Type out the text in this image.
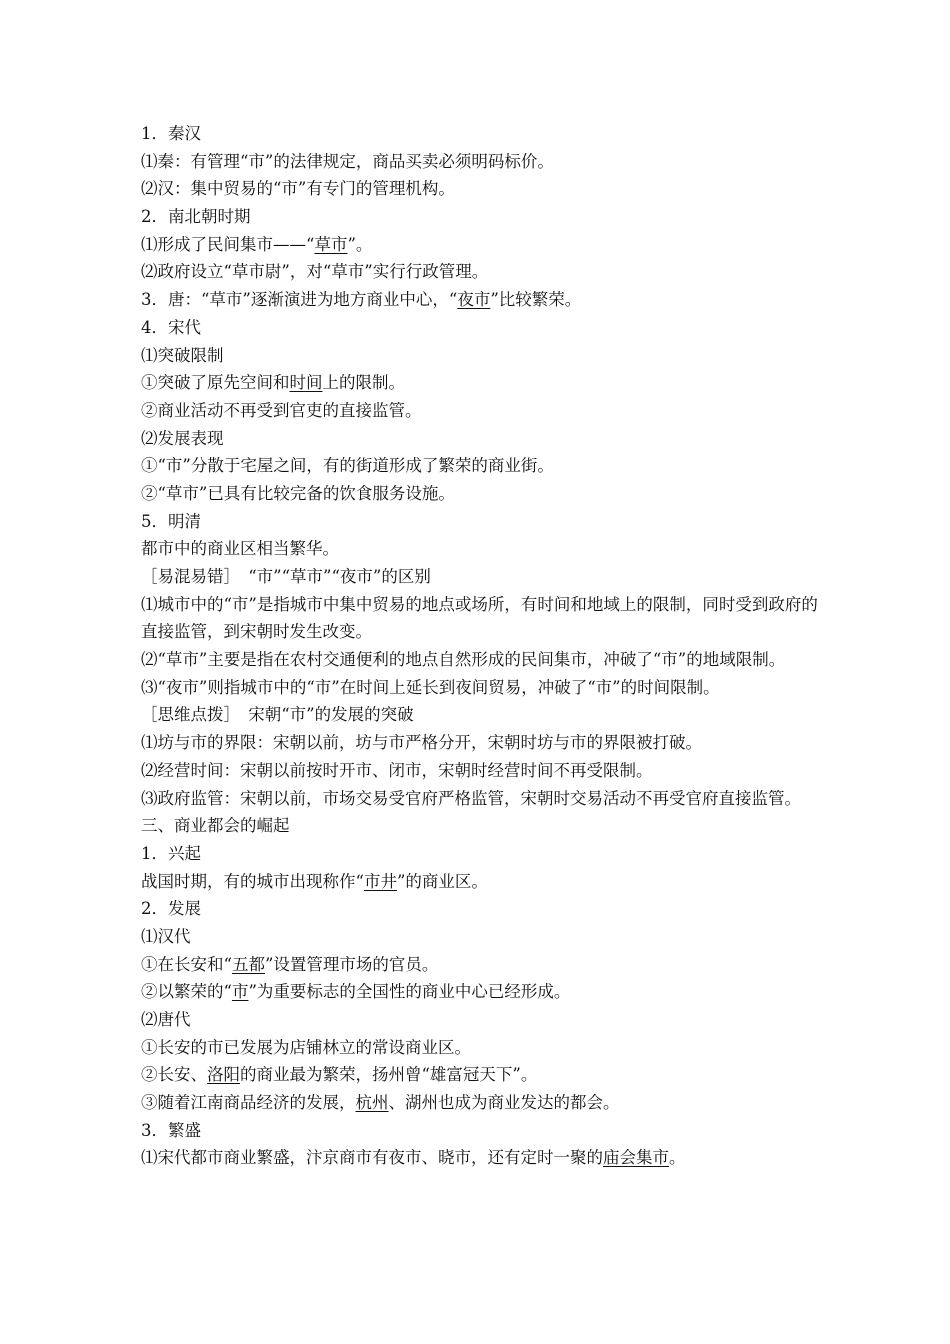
1．秦汉
⑴秦：有管理“市”的法律规定，商品买卖必须明码标价。
⑵汉：集中贸易的“市”有专门的管理机构。
2．南北朝时期
⑴形成了民间集市——“草市”。
⑵政府设立“草市尉”，对“草市”实行行政管理。
3．唐：“草市”逐渐演进为地方商业中心，“夜市”比较繁荣。
4．宋代
⑴突破限制
①突破了原先空间和时间上的限制。
②商业活动不再受到官吏的直接监管。
⑵发展表现
①“市”分散于宅屋之间，有的街道形成了繁荣的商业街。
②“草市”已具有比较完备的饮食服务设施。
5．明清
都市中的商业区相当繁华。
［易混易错］　“市”“草市”“夜市”的区别
⑴城市中的“市”是指城市中集中贸易的地点或场所，有时间和地域上的限制，同时受到政府的直接监管，到宋朝时发生改变。
⑵“草市”主要是指在农村交通便利的地点自然形成的民间集市，冲破了“市”的地域限制。
⑶“夜市”则指城市中的“市”在时间上延长到夜间贸易，冲破了“市”的时间限制。
［思维点拨］　宋朝“市”的发展的突破
⑴坊与市的界限：宋朝以前，坊与市严格分开，宋朝时坊与市的界限被打破。
⑵经营时间：宋朝以前按时开市、闭市，宋朝时经营时间不再受限制。
⑶政府监管：宋朝以前，市场交易受官府严格监管，宋朝时交易活动不再受官府直接监管。
三、商业都会的崛起
1．兴起
战国时期，有的城市出现称作“市井”的商业区。
2．发展
⑴汉代
①在长安和“五都”设置管理市场的官员。
②以繁荣的“市”为重要标志的全国性的商业中心已经形成。
⑵唐代
①长安的市已发展为店铺林立的常设商业区。
②长安、洛阳的商业最为繁荣，扬州曾“雄富冠天下”。
③随着江南商品经济的发展，杭州、湖州也成为商业发达的都会。
3．繁盛
⑴宋代都市商业繁盛，汴京商市有夜市、晓市，还有定时一聚的庙会集市。
